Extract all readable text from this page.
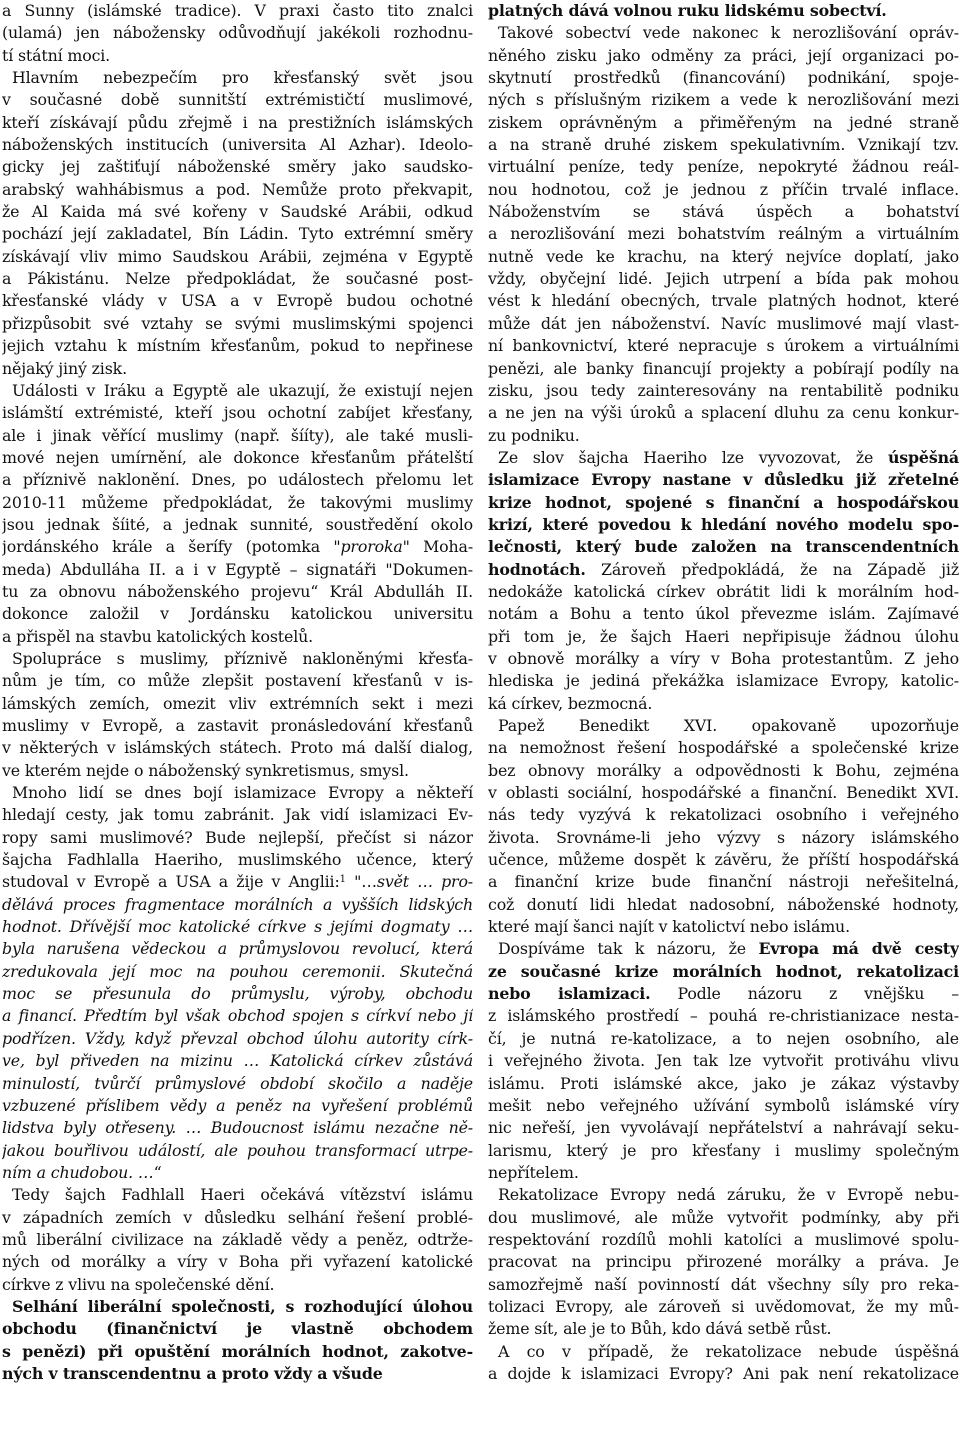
a Sunny (islámské tradice). V praxi často tito znalci
(ulamá) jen nábožensky odůvodňují jakékoli rozhodnu-
tí státní moci.
Hlavním nebezpečím pro křesťanský svět jsou
v současné době sunnitští extrémističtí muslimové,
kteří získávají půdu zřejmě i na prestižních islámských
náboženských institucích (universita Al Azhar). Ideolo-
gicky jej zaštiťují náboženské směry jako saudsko-
arabský wahhábismus a pod. Nemůže proto překvapit,
že Al Kaida má své kořeny v Saudské Arábii, odkud
pochází její zakladatel, Bín Ládin. Tyto extrémní směry
získávají vliv mimo Saudskou Arábii, zejména v Egyptě
a Pákistánu. Nelze předpokládat, že současné post-
křesťanské vlády v USA a v Evropě budou ochotné
přizpůsobit své vztahy se svými muslimskými spojenci
jejich vztahu k místním křesťanům, pokud to nepřinese
nějaký jiný zisk.
Události v Iráku a Egyptě ale ukazují, že existují nejen
islámští extrémisté, kteří jsou ochotní zabíjet křesťany,
ale i jinak věřící muslimy (např. šííty), ale také musli-
mové nejen umírnění, ale dokonce křesťanům přátelští
a příznivě naklonění. Dnes, po událostech přelomu let
2010-11 můžeme předpokládat, že takovými muslimy
jsou jednak šíité, a jednak sunnité, soustředění okolo
jordánského krále a šerífy (potomka "proroka" Moha-
meda) Abdulláha II. a i v Egyptě – signatáři "Dokumen-
tu za obnovu náboženského projevu“ Král Abdulláh II.
dokonce založil v Jordánsku katolickou universitu
a přispěl na stavbu katolických kostelů.
Spolupráce s muslimy, příznivě nakloněnými křesťa-
nům je tím, co může zlepšit postavení křesťanů v is-
lámských zemích, omezit vliv extrémních sekt i mezi
muslimy v Evropě, a zastavit pronásledování křesťanů
v některých v islámských státech. Proto má další dialog,
ve kterém nejde o náboženský synkretismus, smysl.
Mnoho lidí se dnes bojí islamizace Evropy a někteří
hledají cesty, jak tomu zabránit. Jak vidí islamizaci Ev-
ropy sami muslimové? Bude nejlepší, přečíst si názor
šajcha Fadhlalla Haeriho, muslimského učence, který
studoval v Evropě a USA a žije v Anglii:$^1$ "…svět … pro-
dělává proces fragmentace morálních a vyšších lidských
hodnot. Dřívější moc katolické církve s jejími dogmaty …
byla narušena vědeckou a průmyslovou revolucí, která
zredukovala její moc na pouhou ceremonii. Skutečná
moc se přesunula do průmyslu, výroby, obchodu
a financí. Předtím byl však obchod spojen s církví nebo jí
podřízen. Vždy, když převzal obchod úlohu autority círk-
ve, byl přiveden na mizinu … Katolická církev zůstává
minulostí, tvůrčí průmyslové období skočilo a naděje
vzbuzené příslibem vědy a peněz na vyřešení problémů
lidstva byly otřeseny. … Budoucnost islámu nezačne ně-
jakou bouřlivou událostí, ale pouhou transformací utrpe-
ním a chudobou. …“
Tedy šajch Fadhlall Haeri očekává vítězství islámu
v západních zemích v důsledku selhání řešení problé-
mů liberální civilizace na základě vědy a peněz, odtrže-
ných od morálky a víry v Boha při vyřazení katolické
církve z vlivu na společenské dění.
Selhání liberální společnosti, s rozhodující úlohou
obchodu (finančnictví je vlastně obchodem
s penězi) při opuštění morálních hodnot, zakotve-
ných v transcendentnu a proto vždy a všude
platných dává volnou ruku lidskému sobectví.
Takové sobectví vede nakonec k nerozlišování opráv-
něného zisku jako odměny za práci, její organizaci po-
skytnutí prostředků (financování) podnikání, spoje-
ných s příslušným rizikem a vede k nerozlišování mezi
ziskem oprávněným a přiměřeným na jedné straně
a na straně druhé ziskem spekulativním. Vznikají tzv.
virtuální peníze, tedy peníze, nepokryté žádnou reál-
nou hodnotou, což je jednou z příčin trvalé inflace.
Náboženstvím se stává úspěch a bohatství
a nerozlišování mezi bohatstvím reálným a virtuálním
nutně vede ke krachu, na který nejvíce doplatí, jako
vždy, obyčejní lidé. Jejich utrpení a bída pak mohou
vést k hledání obecných, trvale platných hodnot, které
může dát jen náboženství. Navíc muslimové mají vlast-
ní bankovnictví, které nepracuje s úrokem a virtuálními
penězi, ale banky financují projekty a pobírají podíly na
zisku, jsou tedy zainteresovány na rentabilitě podniku
a ne jen na výši úroků a splacení dluhu za cenu konkur-
zu podniku.
Ze slov šajcha Haeriho lze vyvozovat, že úspěšná
islamizace Evropy nastane v důsledku již zřetelné
krize hodnot, spojené s finanční a hospodářskou
krizí, které povedou k hledání nového modelu spo-
lečnosti, který bude založen na transcendentních
hodnotách. Zároveň předpokládá, že na Západě již
nedokáže katolická církev obrátit lidi k morálním hod-
notám a Bohu a tento úkol převezme islám. Zajímavé
při tom je, že šajch Haeri nepřipisuje žádnou úlohu
v obnově morálky a víry v Boha protestantům. Z jeho
hlediska je jediná překážka islamizace Evropy, katolic-
ká církev, bezmocná.
Papež Benedikt XVI. opakovaně upozorňuje
na nemožnost řešení hospodářské a společenské krize
bez obnovy morálky a odpovědnosti k Bohu, zejména
v oblasti sociální, hospodářské a finanční. Benedikt XVI.
nás tedy vyzývá k rekatolizaci osobního i veřejného
života. Srovnáme-li jeho výzvy s názory islámského
učence, můžeme dospět k závěru, že příští hospodářská
a finanční krize bude finanční nástroji neřešitelná,
což donutí lidi hledat nadosobní, náboženské hodnoty,
které mají šanci najít v katolictví nebo islámu.
Dospíváme tak k názoru, že Evropa má dvě cesty
ze současné krize morálních hodnot, rekatolizaci
nebo islamizaci. Podle názoru z vnějšku –
z islámského prostředí – pouhá re-christianizace nesta-
čí, je nutná re-katolizace, a to nejen osobního, ale
i veřejného života. Jen tak lze vytvořit protiváhu vlivu
islámu. Proti islámské akce, jako je zákaz výstavby
mešit nebo veřejného užívání symbolů islámské víry
nic neřeší, jen vyvolávají nepřátelství a nahrávají seku-
larismu, který je pro křesťany i muslimy společným
nepřítelem.
Rekatolizace Evropy nedá záruku, že v Evropě nebu-
dou muslimové, ale může vytvořit podmínky, aby při
respektování rozdílů mohli katolíci a muslimové spolu-
pracovat na principu přirozené morálky a práva. Je
samozřejmě naší povinností dát všechny síly pro reka-
tolizaci Evropy, ale zároveň si uvědomovat, že my mů-
žeme sít, ale je to Bůh, kdo dává setbě růst.
A co v případě, že rekatolizace nebude úspěšná
a dojde k islamizaci Evropy? Ani pak není rekatolizace
